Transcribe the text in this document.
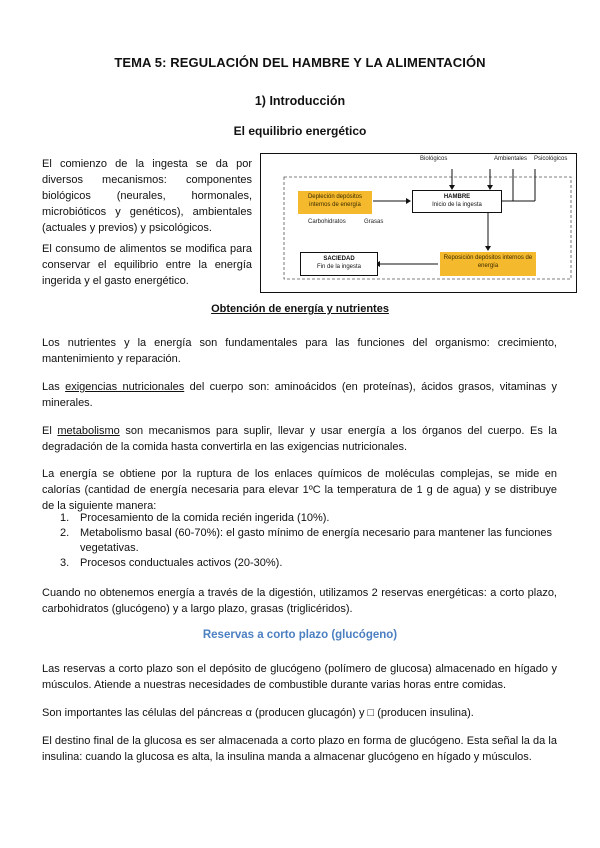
TEMA 5: REGULACIÓN DEL HAMBRE Y LA ALIMENTACIÓN
1) Introducción
El equilibrio energético
El comienzo de la ingesta se da por diversos mecanismos: componentes biológicos (neurales, hormonales, microbióticos y genéticos), ambientales (actuales y previos) y psicológicos.
El consumo de alimentos se modifica para conservar el equilibrio entre la energía ingerida y el gasto energético.
Biológicos	Ambientales Psicológicos
Depleción depósitos internos de energía
HAMBRE
Inicio de la ingesta
Carbohidratos	Grasas
SACIEDAD
Fin de la ingesta
Reposición depósitos internos de energía
Obtención de energía y nutrientes
Los nutrientes y la energía son fundamentales para las funciones del organismo: crecimiento, mantenimiento y reparación.
Las exigencias nutricionales del cuerpo son: aminoácidos (en proteínas), ácidos grasos, vitaminas y minerales.
El metabolismo son mecanismos para suplir, llevar y usar energía a los órganos del cuerpo. Es la degradación de la comida hasta convertirla en las exigencias nutricionales.
La energía se obtiene por la ruptura de los enlaces químicos de moléculas complejas, se mide en calorías (cantidad de energía necesaria para elevar 1ºC la temperatura de 1 g de agua) y se distribuye de la siguiente manera:
1. Procesamiento de la comida recién ingerida (10%).
2. Metabolismo basal (60-70%): el gasto mínimo de energía necesario para mantener las funciones vegetativas.
3. Procesos conductuales activos (20-30%).
Cuando no obtenemos energía a través de la digestión, utilizamos 2 reservas energéticas: a corto plazo, carbohidratos (glucógeno) y a largo plazo, grasas (triglicéridos).
Reservas a corto plazo (glucógeno)
Las reservas a corto plazo son el depósito de glucógeno (polímero de glucosa) almacenado en hígado y músculos. Atiende a nuestras necesidades de combustible durante varias horas entre comidas.
Son importantes las células del páncreas α (producen glucagón) y □ (producen insulina).
El destino final de la glucosa es ser almacenada a corto plazo en forma de glucógeno. Esta señal la da la insulina: cuando la glucosa es alta, la insulina manda a almacenar glucógeno en hígado y músculos.
